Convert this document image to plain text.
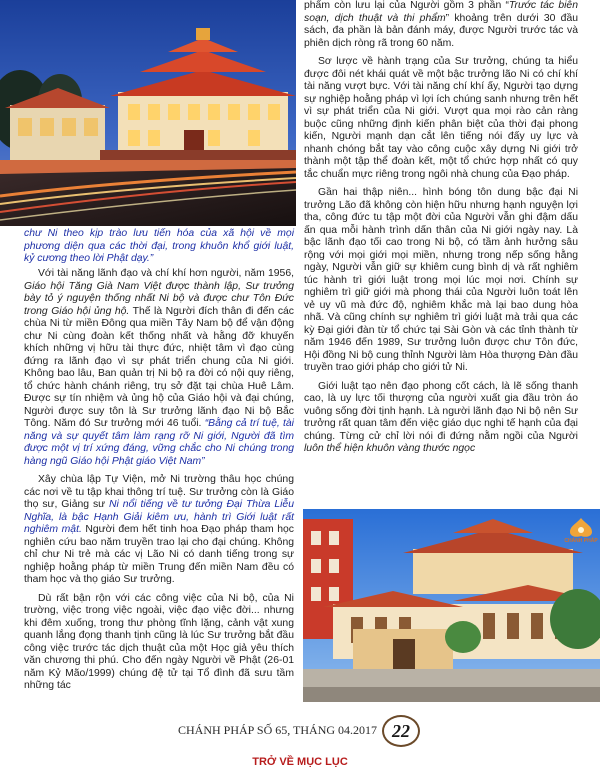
chư Ni theo kịp trào lưu tiến hóa của xã hội về mọi phương diện qua các thời đại, trong khuôn khổ giới luật, kỷ cương theo lời Phật dạy.”

Với tài năng lãnh đạo và chí khí hơn người, năm 1956, Giáo hội Tăng Già Nam Việt được thành lập, Sư trưởng bày tỏ ý nguyện thống nhất Ni bộ và được chư Tôn Đức trong Giáo hội ủng hộ. Thế là Người đích thân đi đến các chùa Ni từ miền Đông qua miền Tây Nam bộ để vận động chư Ni cùng đoàn kết thống nhất và hằng đỡ khuyến khích những vị hữu tài thực đức, nhiệt tâm vì đạo cùng đứng ra lãnh đạo vì sự phát triển chung của Ni giới. Không bao lâu, Ban quản trị Ni bộ ra đời có nội quy riêng, tổ chức hành chánh riêng, trụ sở đặt tại chùa Huê Lâm. Được sự tín nhiệm và ủng hộ của Giáo hội và đại chúng, Người được suy tôn là Sư trưởng lãnh đạo Ni bộ Bắc Tông. Năm đó Sư trưởng mới 46 tuổi. “Bằng cả trí tuệ, tài năng và sự quyết tâm làm rạng rỡ Ni giới, Người đã tìm được một vị trí xứng đáng, vững chắc cho Ni chúng trong hàng ngũ Giáo hội Phật giáo Việt Nam”

Xây chùa lập Tự Viện, mở Ni trường thâu học chúng các nơi về tu tập khai thông trí tuệ. Sư trưởng còn là Giáo thọ sư, Giảng sư Ni nổi tiếng về tư tưởng Đại Thừa Liễu Nghĩa, là bậc Hạnh Giải kiêm ưu, hành trì Giới luật rất nghiêm mật. Người đem hết tinh hoa Đạo pháp tham học nghiên cứu bao năm truyền trao lại cho đại chúng. Không chỉ chư Ni trẻ mà các vị Lão Ni có danh tiếng trong sự nghiệp hoằng pháp từ miền Trung đến miền Nam đều có tham học và thọ giáo Sư trưởng.

Dù rất bận rộn với các công việc của Ni bộ, của Ni trường, việc trong việc ngoài, việc đạo việc đời... nhưng khi đêm xuống, trong thư phòng tĩnh lặng, cảnh vật xung quanh lắng đọng thanh tịnh cũng là lúc Sư trưởng bắt đầu công việc trước tác dịch thuật của một Học giả yêu thích văn chương thi phú. Cho đến ngày Người về Phật (26-01 năm Kỷ Mão/1999) chúng đệ tử tại Tổ đình đã sưu tầm những tác

phẩm còn lưu lại của Người gồm 3 phần “Trước tác biên soạn, dịch thuật và thi phẩm” khoảng trên dưới 30 đầu sách, đa phần là bản đánh máy, được Người trước tác và phiên dịch ròng rã trong 60 năm.

Sơ lược về hành trạng của Sư trưởng, chúng ta hiểu được đôi nét khái quát về một bậc trưởng lão Ni có chí khí tài năng vượt bực. Với tài năng chí khí ấy, Người tạo dựng sự nghiệp hoằng pháp vì lợi ích chúng sanh nhưng trên hết vì sự phát triển của Ni giới. Vượt qua mọi rào cản ràng buộc cũng những định kiến phân biệt của thời đại phong kiến, Người mạnh dạn cắt lên tiếng nói đấy uy lực và nhanh chóng bắt tay vào công cuộc xây dựng Ni giới trở thành một tập thể đoàn kết, một tổ chức hợp nhất có quy tắc chuẩn mực riêng trong ngôi nhà chung của Đạo pháp.

Gần hai thập niên... hình bóng tôn dung bậc đại Ni trưởng Lão đã không còn hiện hữu nhưng hạnh nguyện lợi tha, công đức tu tập một đời của Người vẫn ghi đậm dấu ấn qua mỗi hành trình dấn thân của Ni giới ngày nay. Là bậc lãnh đạo tối cao trong Ni bộ, có tầm ảnh hưởng sâu rộng với mọi giới mọi miền, nhưng trong nếp sống hằng ngày, Người vẫn giữ sự khiêm cung bình dị và rất nghiêm túc hành trì giới luật trong mọi lúc mọi nơi. Chính sự nghiêm trì giữ giới mà phong thái của Người luôn toát lên vẻ uy vũ mà đức độ, nghiêm khắc mà lại bao dung hòa nhã. Và cũng chính sự nghiêm trì giới luật mà trải qua các kỳ Đại giới đàn từ tổ chức tại Sài Gòn và các tỉnh thành từ năm 1946 đến 1989, Sư trưởng luôn được chư Tôn đức, Hội đồng Ni bộ cung thỉnh Người làm Hòa thượng Đàn đầu truyền trao giới pháp cho giới tử Ni.

Giới luật tạo nên đạo phong cốt cách, là lẽ sống thanh cao, là uy lực tối thượng của người xuất gia đầu tròn áo vuông sống đời tịnh hạnh. Là người lãnh đạo Ni bộ nên Sư trưởng rất quan tâm đến việc giáo dục nghi tế hạnh của đại chúng. Từng cử chỉ lời nói đi đứng nằm ngồi của Người luôn thể hiện khuôn vàng thước ngọc

CHÁNH PHÁP
CHÁNH PHÁP SỐ 65, THÁNG 04.2017 22
TRỞ VỀ MỤC LỤC
